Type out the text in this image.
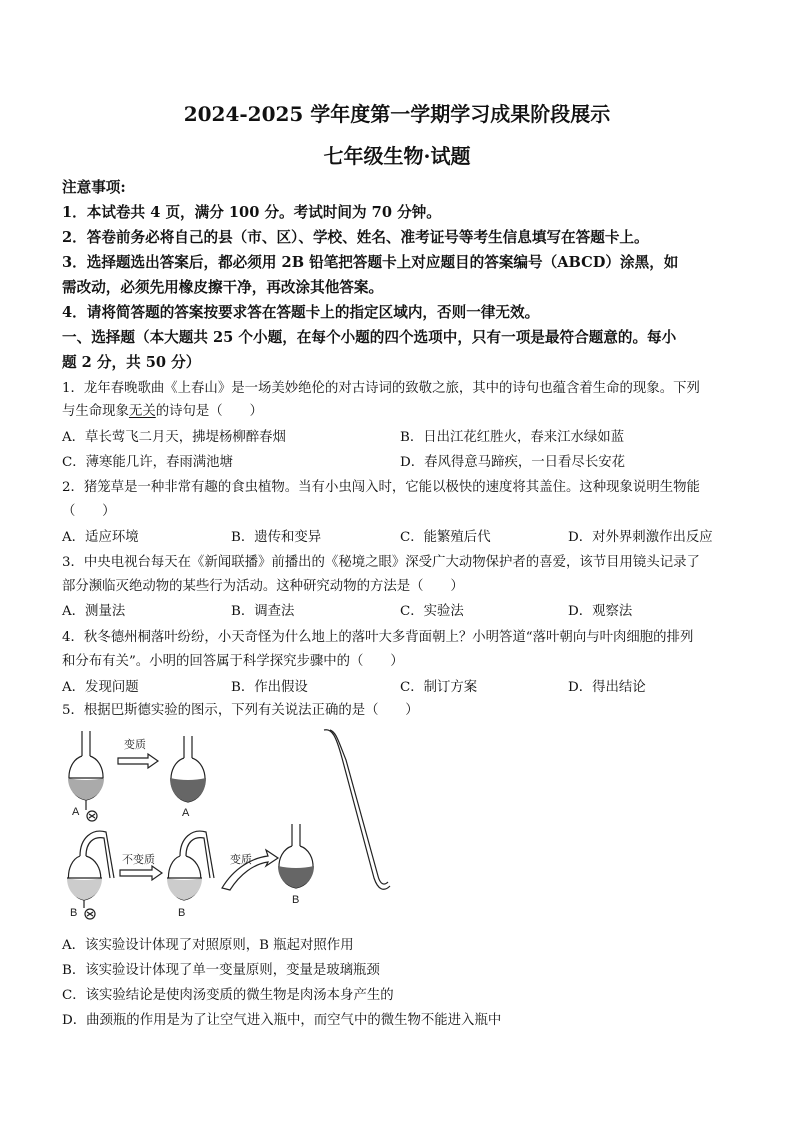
2024-2025 学年度第一学期学习成果阶段展示
七年级生物·试题
注意事项:
1．本试卷共 4 页，满分 100 分。考试时间为 70 分钟。
2．答卷前务必将自己的县（市、区）、学校、姓名、准考证号等考生信息填写在答题卡上。
3．选择题选出答案后，都必须用 2B 铅笔把答题卡上对应题目的答案编号（ABCD）涂黑，如
需改动，必须先用橡皮擦干净，再改涂其他答案。
4．请将简答题的答案按要求答在答题卡上的指定区域内，否则一律无效。
一、选择题（本大题共 25 个小题，在每个小题的四个选项中，只有一项是最符合题意的。每小
题 2 分，共 50 分）
1．龙年春晚歌曲《上春山》是一场美妙绝伦的对古诗词的致敬之旅，其中的诗句也蕴含着生命的现象。下列
与生命现象无关的诗句是（　　）
A．草长莺飞二月天，拂堤杨柳醉春烟	B．日出江花红胜火，春来江水绿如蓝
C．薄寒能几许，春雨满池塘	D．春风得意马蹄疾，一日看尽长安花
2．猪笼草是一种非常有趣的食虫植物。当有小虫闯入时，它能以极快的速度将其盖住。这种现象说明生物能
（　　）
A．适应环境	B．遗传和变异	C．能繁殖后代	D．对外界刺激作出反应
3．中央电视台每天在《新闻联播》前播出的《秘境之眼》深受广大动物保护者的喜爱，该节目用镜头记录了
部分濒临灭绝动物的某些行为活动。这种研究动物的方法是（　　）
A．测量法	B．调查法	C．实验法	D．观察法
4．秋冬德州桐落叶纷纷，小天奇怪为什么地上的落叶大多背面朝上？小明答道“落叶朝向与叶肉细胞的排列
和分布有关”。小明的回答属于科学探究步骤中的（　　）
A．发现问题	B．作出假设	C．制订方案	D．得出结论
5．根据巴斯德实验的图示，下列有关说法正确的是（　　）
A
变质
A
B
不变质
B
变质
B
A．该实验设计体现了对照原则，B 瓶起对照作用
B．该实验设计体现了单一变量原则，变量是玻璃瓶颈
C．该实验结论是使肉汤变质的微生物是肉汤本身产生的
D．曲颈瓶的作用是为了让空气进入瓶中，而空气中的微生物不能进入瓶中
